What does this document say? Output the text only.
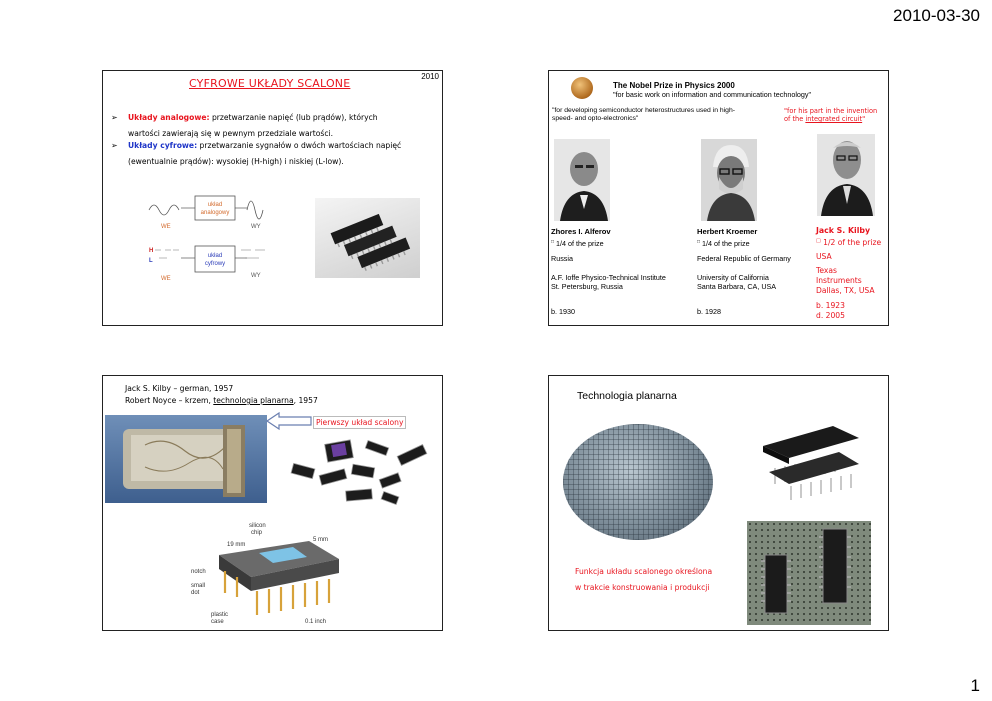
2010-03-30
1
2010
CYFROWE UKŁADY SCALONE
➢ Układy analogowe: przetwarzanie napięć (lub prądów), których
wartości zawierają się w pewnym przedziale wartości.
➢ Układy cyfrowe: przetwarzanie sygnałów o dwóch wartościach napięć
(ewentualnie prądów): wysokiej (H-high) i niskiej (L-low).
układ
analogowy
WE	WY
H
L
układ
cyfrowy
WE	WY
The Nobel Prize in Physics 2000
"for basic work on information and communication technology"
"for developing semiconductor heterostructures used in high-speed- and opto-electronics"
"for his part in the invention
of the integrated circuit"
Zhores I. Alferov
□ 1/4 of the prize
Russia
A.F. Ioffe Physico-Technical Institute
St. Petersburg, Russia
b. 1930
Herbert Kroemer
□ 1/4 of the prize
Federal Republic of Germany
University of California
Santa Barbara, CA, USA
b. 1928
Jack S. Kilby
□ 1/2 of the prize
USA
Texas
Instruments
Dallas, TX, USA
b. 1923
d. 2005
Jack S. Kilby – german, 1957
Robert Noyce – krzem, technologia planarna, 1957
Pierwszy układ scalony
silicon
chip
19 mm
5 mm
notch
small
dot
plastic
case	0.1 inch
Technologia planarna
Funkcja układu scalonego określona
w trakcie konstruowania i produkcji
